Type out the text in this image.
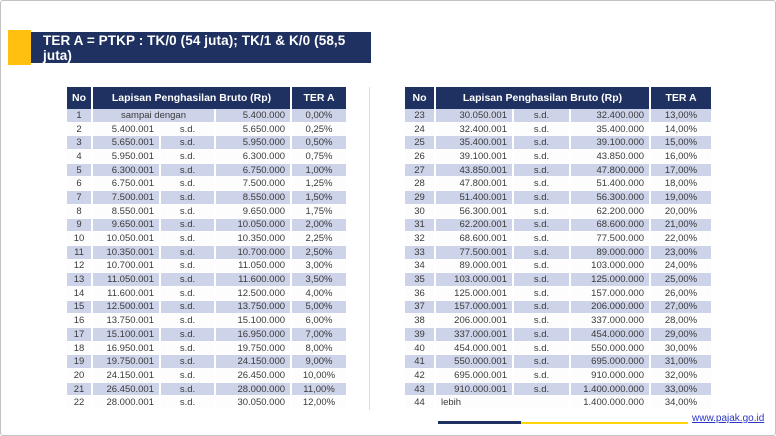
TER A = PTKP : TK/0 (54 juta); TK/1 & K/0 (58,5 juta)
No	Lapisan Penghasilan Bruto (Rp)			TER A
1	sampai dengan		5.400.000	0,00%
2	5.400.001	s.d.	5.650.000	0,25%
3	5.650.001	s.d.	5.950.000	0,50%
4	5.950.001	s.d.	6.300.000	0,75%
5	6.300.001	s.d.	6.750.000	1,00%
6	6.750.001	s.d.	7.500.000	1,25%
7	7.500.001	s.d.	8.550.000	1,50%
8	8.550.001	s.d.	9.650.000	1,75%
9	9.650.001	s.d.	10.050.000	2,00%
10	10.050.001	s.d.	10.350.000	2,25%
11	10.350.001	s.d.	10.700.000	2,50%
12	10.700.001	s.d.	11.050.000	3,00%
13	11.050.001	s.d.	11.600.000	3,50%
14	11.600.001	s.d.	12.500.000	4,00%
15	12.500.001	s.d.	13.750.000	5,00%
16	13.750.001	s.d.	15.100.000	6,00%
17	15.100.001	s.d.	16.950.000	7,00%
18	16.950.001	s.d.	19.750.000	8,00%
19	19.750.001	s.d.	24.150.000	9,00%
20	24.150.001	s.d.	26.450.000	10,00%
21	26.450.001	s.d.	28.000.000	11,00%
22	28.000.001	s.d.	30.050.000	12,00%
No	Lapisan Penghasilan Bruto (Rp)			TER A
23	30.050.001	s.d.	32.400.000	13,00%
24	32.400.001	s.d.	35.400.000	14,00%
25	35.400.001	s.d.	39.100.000	15,00%
26	39.100.001	s.d.	43.850.000	16,00%
27	43.850.001	s.d.	47.800.000	17,00%
28	47.800.001	s.d.	51.400.000	18,00%
29	51.400.001	s.d.	56.300.000	19,00%
30	56.300.001	s.d.	62.200.000	20,00%
31	62.200.001	s.d.	68.600.000	21,00%
32	68.600.001	s.d.	77.500.000	22,00%
33	77.500.001	s.d.	89.000.000	23,00%
34	89.000.001	s.d.	103.000.000	24,00%
35	103.000.001	s.d.	125.000.000	25,00%
36	125.000.001	s.d.	157.000.000	26,00%
37	157.000.001	s.d.	206.000.000	27,00%
38	206.000.001	s.d.	337.000.000	28,00%
39	337.000.001	s.d.	454.000.000	29,00%
40	454.000.001	s.d.	550.000.000	30,00%
41	550.000.001	s.d.	695.000.000	31,00%
42	695.000.001	s.d.	910.000.000	32,00%
43	910.000.001	s.d.	1.400.000.000	33,00%
44	lebih		1.400.000.000	34,00%
www.pajak.go.id
